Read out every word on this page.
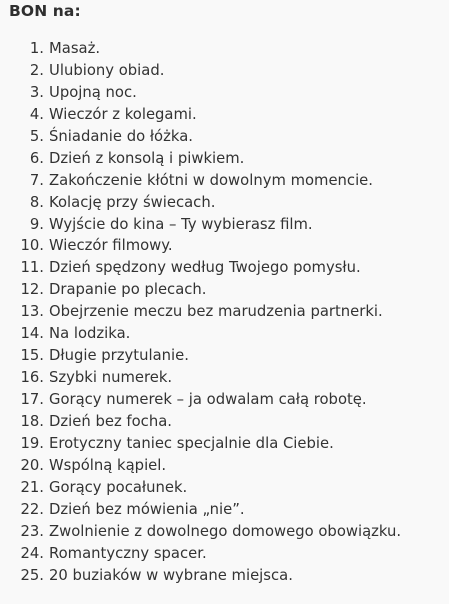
BON na:
1. Masaż.
2. Ulubiony obiad.
3. Upojną noc.
4. Wieczór z kolegami.
5. Śniadanie do łóżka.
6. Dzień z konsolą i piwkiem.
7. Zakończenie kłótni w dowolnym momencie.
8. Kolację przy świecach.
9. Wyjście do kina – Ty wybierasz film.
10. Wieczór filmowy.
11. Dzień spędzony według Twojego pomysłu.
12. Drapanie po plecach.
13. Obejrzenie meczu bez marudzenia partnerki.
14. Na lodzika.
15. Długie przytulanie.
16. Szybki numerek.
17. Gorący numerek – ja odwalam całą robotę.
18. Dzień bez focha.
19. Erotyczny taniec specjalnie dla Ciebie.
20. Wspólną kąpiel.
21. Gorący pocałunek.
22. Dzień bez mówienia „nie”.
23. Zwolnienie z dowolnego domowego obowiązku.
24. Romantyczny spacer.
25. 20 buziaków w wybrane miejsca.
